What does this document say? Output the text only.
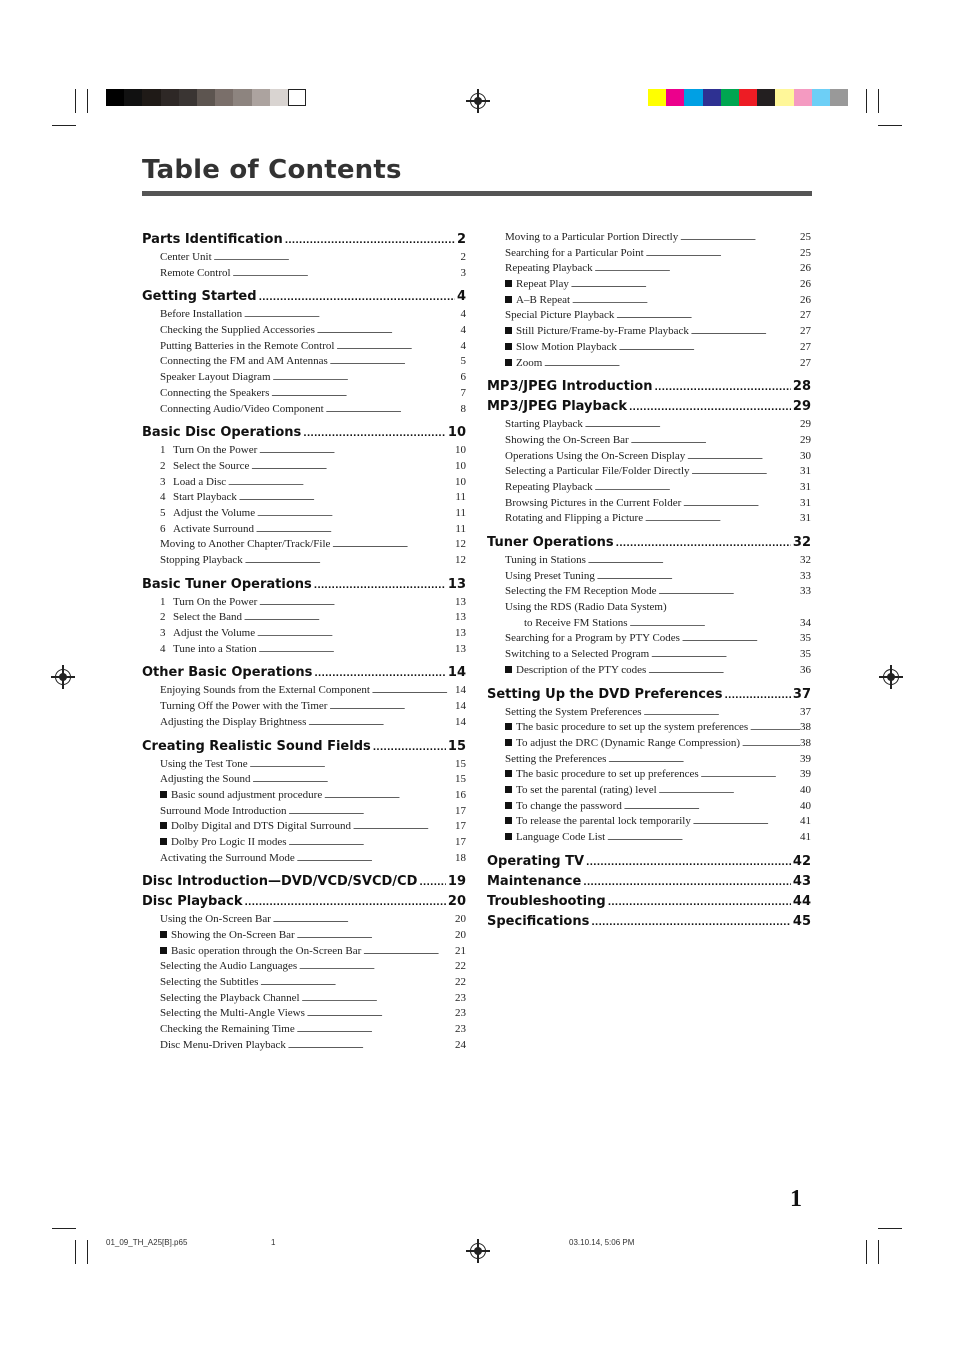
Table of Contents
Parts Identification . . .	2
Center Unit . . .	2
Remote Control . . .	3
Getting Started . . .	4
Before Installation . . .	4
Checking the Supplied Accessories . . .	4
Putting Batteries in the Remote Control . . .	4
Connecting the FM and AM Antennas . . .	5
Speaker Layout Diagram . . .	6
Connecting the Speakers . . .	7
Connecting Audio/Video Component . . .	8
Basic Disc Operations . . .	10
1 Turn On the Power . . .	10
2 Select the Source . . .	10
3 Load a Disc . . .	10
4 Start Playback . . .	11
5 Adjust the Volume . . .	11
6 Activate Surround . . .	11
Moving to Another Chapter/Track/File . . .	12
Stopping Playback . . .	12
Basic Tuner Operations . . .	13
1 Turn On the Power . . .	13
2 Select the Band . . .	13
3 Adjust the Volume . . .	13
4 Tune into a Station . . .	13
Other Basic Operations . . .	14
Enjoying Sounds from the External Component . . .	14
Turning Off the Power with the Timer . . .	14
Adjusting the Display Brightness . . .	14
Creating Realistic Sound Fields . . .	15
Using the Test Tone . . .	15
Adjusting the Sound . . .	15
Basic sound adjustment procedure . . .	16
Surround Mode Introduction . . .	17
Dolby Digital and DTS Digital Surround . . .	17
Dolby Pro Logic II modes . . .	17
Activating the Surround Mode . . .	18
Disc Introduction—DVD/VCD/SVCD/CD . . . 19
Disc Playback . . .	20
Using the On-Screen Bar . . .	20
Showing the On-Screen Bar . . .	20
Basic operation through the On-Screen Bar . . .	21
Selecting the Audio Languages . . .	22
Selecting the Subtitles . . .	22
Selecting the Playback Channel . . .	23
Selecting the Multi-Angle Views . . .	23
Checking the Remaining Time . . .	23
Disc Menu-Driven Playback . . .	24
Moving to a Particular Portion Directly . . .	25
Searching for a Particular Point . . .	25
Repeating Playback . . .	26
Repeat Play . . .	26
A–B Repeat . . .	26
Special Picture Playback . . .	27
Still Picture/Frame-by-Frame Playback . . .	27
Slow Motion Playback . . .	27
Zoom . . .	27
MP3/JPEG Introduction . . .	28
MP3/JPEG Playback . . .	29
Starting Playback . . .	29
Showing the On-Screen Bar . . .	29
Operations Using the On-Screen Display . . .	30
Selecting a Particular File/Folder Directly . . .	31
Repeating Playback . . .	31
Browsing Pictures in the Current Folder . . .	31
Rotating and Flipping a Picture . . .	31
Tuner Operations . . .	32
Tuning in Stations . . .	32
Using Preset Tuning . . .	33
Selecting the FM Reception Mode . . .	33
Using the RDS (Radio Data System)
to Receive FM Stations . . .	34
Searching for a Program by PTY Codes . . .	35
Switching to a Selected Program . . .	35
Description of the PTY codes . . .	36
Setting Up the DVD Preferences . . .	37
Setting the System Preferences . . .	37
The basic procedure to set up the system preferences . . .	38
To adjust the DRC (Dynamic Range Compression) . . .	38
Setting the Preferences . . .	39
The basic procedure to set up preferences . . .	39
To set the parental (rating) level . . .	40
To change the password . . .	40
To release the parental lock temporarily . . .	41
Language Code List . . .	41
Operating TV . . .	42
Maintenance . . .	43
Troubleshooting . . .	44
Specifications . . .	45
1
01_09_TH_A25[B].p65	1	03.10.14, 5:06 PM
